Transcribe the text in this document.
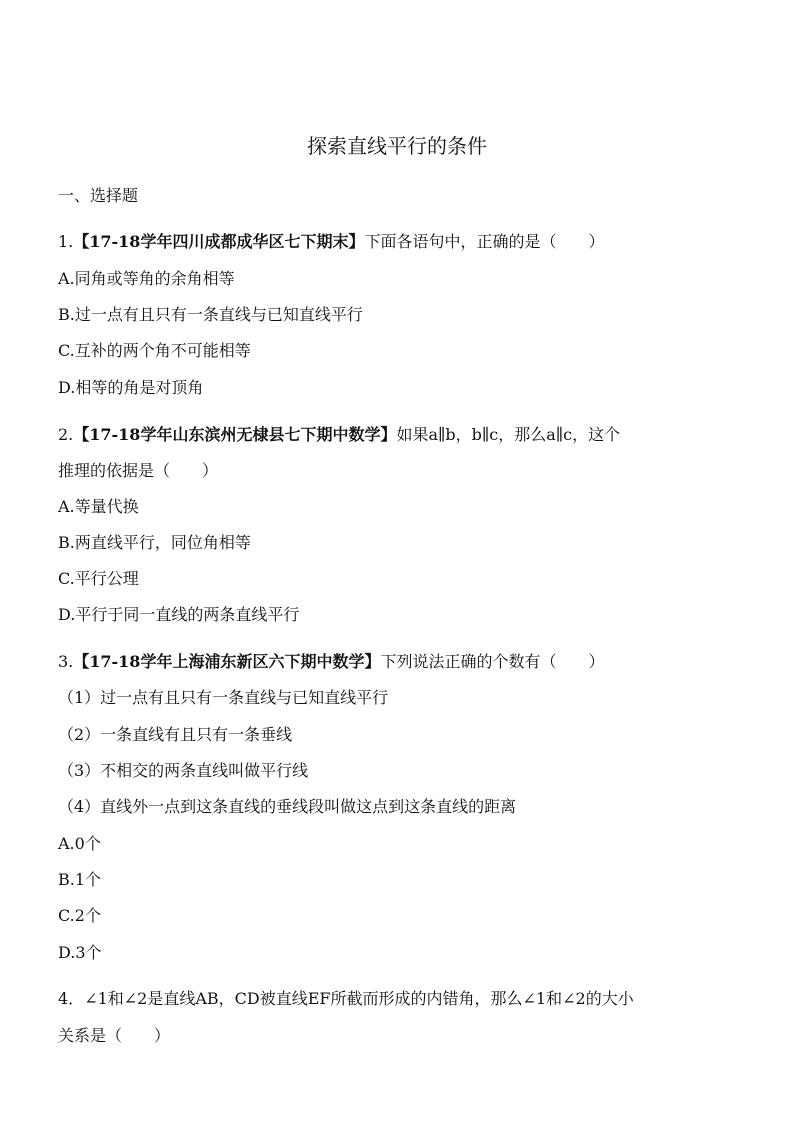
探索直线平行的条件
一、选择题
1.【17-18学年四川成都成华区七下期末】下面各语句中，正确的是（　　）
A.同角或等角的余角相等
B.过一点有且只有一条直线与已知直线平行
C.互补的两个角不可能相等
D.相等的角是对顶角
2.【17-18学年山东滨州无棣县七下期中数学】如果a∥b，b∥c，那么a∥c，这个
推理的依据是（　　）
A.等量代换
B.两直线平行，同位角相等
C.平行公理
D.平行于同一直线的两条直线平行
3.【17-18学年上海浦东新区六下期中数学】下列说法正确的个数有（　　）
（1）过一点有且只有一条直线与已知直线平行
（2）一条直线有且只有一条垂线
（3）不相交的两条直线叫做平行线
（4）直线外一点到这条直线的垂线段叫做这点到这条直线的距离
A.0个
B.1个
C.2个
D.3个
4．∠1和∠2是直线AB，CD被直线EF所截而形成的内错角，那么∠1和∠2的大小
关系是（　　）
